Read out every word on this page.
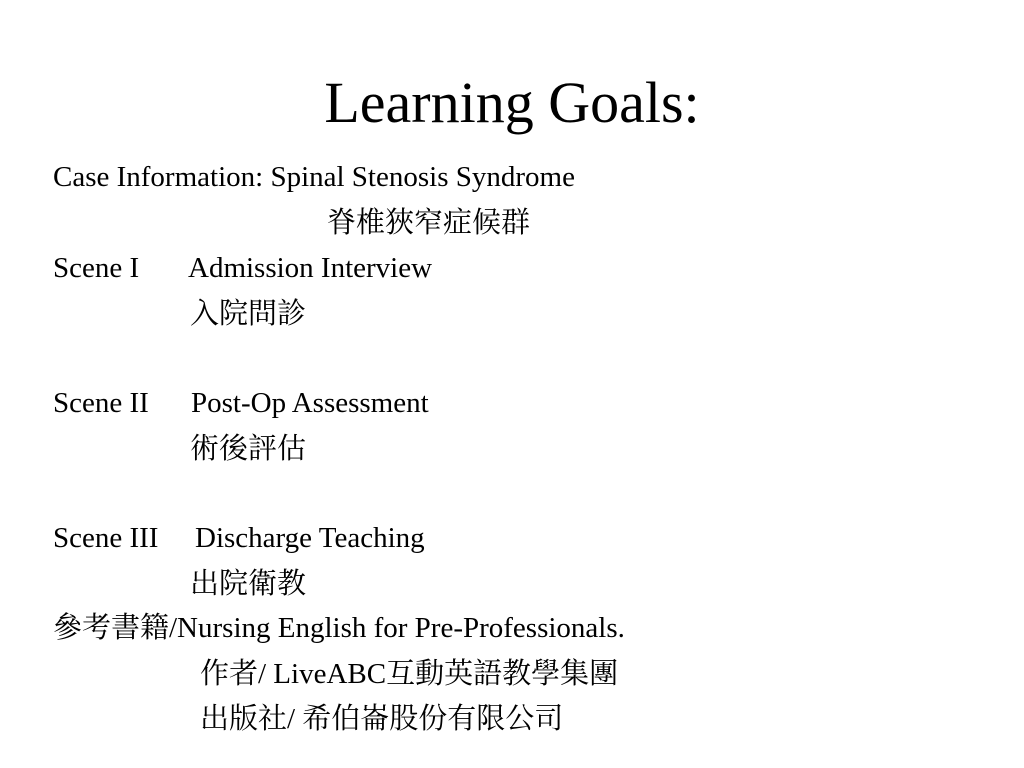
Learning Goals:
Case Information: Spinal Stenosis Syndrome
脊椎狹窄症候群
Scene I Admission Interview
入院問診
Scene II Post-Op Assessment
術後評估
Scene III Discharge Teaching
出院衛教
參考書籍/Nursing English for Pre-Professionals.
作者/ LiveABC互動英語教學集團
出版社/ 希伯崙股份有限公司
